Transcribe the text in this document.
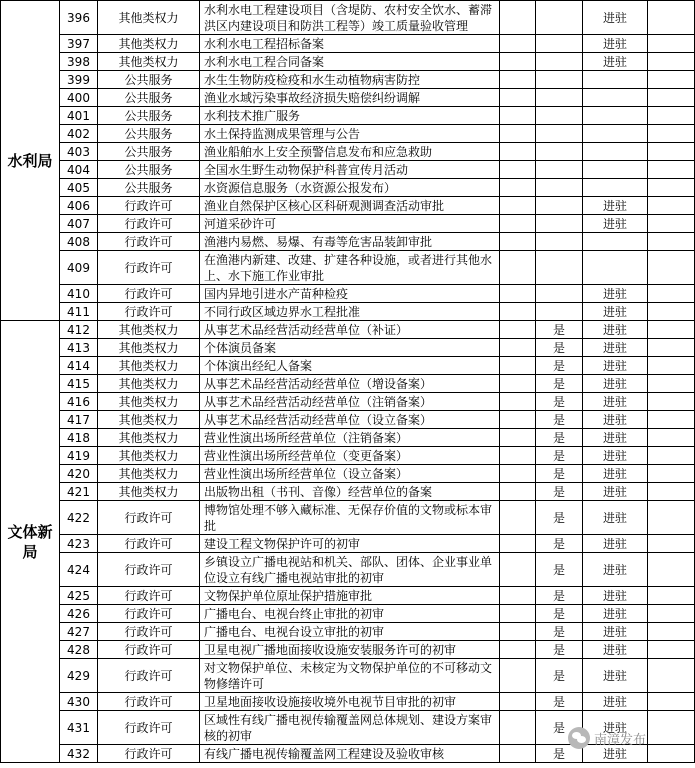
水利局	396	其他类权力	水利水电工程建设项目（含堤防、农村安全饮水、蓄滞洪区内建设项目和防洪工程等）竣工质量验收管理			进驻	
	397	其他类权力	水利水电工程招标备案			进驻	
	398	其他类权力	水利水电工程合同备案			进驻	
	399	公共服务	水生生物防疫检疫和水生动植物病害防控				
	400	公共服务	渔业水域污染事故经济损失赔偿纠纷调解				
	401	公共服务	水利技术推广服务				
	402	公共服务	水土保持监测成果管理与公告				
	403	公共服务	渔业船舶水上安全预警信息发布和应急救助				
	404	公共服务	全国水生野生动物保护科普宣传月活动				
	405	公共服务	水资源信息服务（水资源公报发布）				
	406	行政许可	渔业自然保护区核心区科研观测调查活动审批			进驻	
	407	行政许可	河道采砂许可			进驻	
	408	行政许可	渔港内易燃、易爆、有毒等危害品装卸审批				
	409	行政许可	在渔港内新建、改建、扩建各种设施，或者进行其他水上、水下施工作业审批				
	410	行政许可	国内异地引进水产苗种检疫			进驻	
	411	行政许可	不同行政区域边界水工程批准			进驻	
文体新局	412	其他类权力	从事艺术品经营活动经营单位（补证）		是	进驻	
	413	其他类权力	个体演员备案		是	进驻	
	414	其他类权力	个体演出经纪人备案		是	进驻	
	415	其他类权力	从事艺术品经营活动经营单位（增设备案）		是	进驻	
	416	其他类权力	从事艺术品经营活动经营单位（注销备案）		是	进驻	
	417	其他类权力	从事艺术品经营活动经营单位（设立备案）		是	进驻	
	418	其他类权力	营业性演出场所经营单位（注销备案）		是	进驻	
	419	其他类权力	营业性演出场所经营单位（变更备案）		是	进驻	
	420	其他类权力	营业性演出场所经营单位（设立备案）		是	进驻	
	421	其他类权力	出版物出租（书刊、音像）经营单位的备案		是	进驻	
	422	行政许可	博物馆处理不够入藏标准、无保存价值的文物或标本审批		是	进驻	
	423	行政许可	建设工程文物保护许可的初审		是	进驻	
	424	行政许可	乡镇设立广播电视站和机关、部队、团体、企业事业单位设立有线广播电视站审批的初审		是	进驻	
	425	行政许可	文物保护单位原址保护措施审批		是	进驻	
	426	行政许可	广播电台、电视台终止审批的初审		是	进驻	
	427	行政许可	广播电台、电视台设立审批的初审		是	进驻	
	428	行政许可	卫星电视广播地面接收设施安装服务许可的初审		是	进驻	
	429	行政许可	对文物保护单位、未核定为文物保护单位的不可移动文物修缮许可		是	进驻	
	430	行政许可	卫星地面接收设施接收境外电视节目审批的初审		是	进驻	
	431	行政许可	区域性有线广播电视传输覆盖网总体规划、建设方案审核的初审		是	进驻	
	432	行政许可	有线广播电视传输覆盖网工程建设及验收审核		是	进驻	
南漳发布
